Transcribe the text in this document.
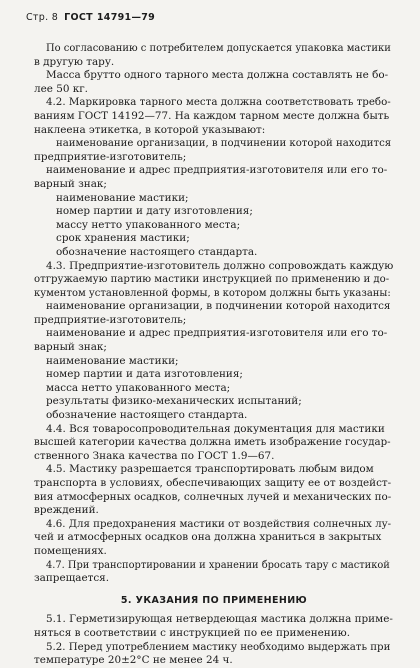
Стр. 8 ГОСТ 14791—79
По согласованию с потребителем допускается упаковка мастики
в другую тару.
Масса брутто одного тарного места должна составлять не бо-
лее 50 кг.
4.2. Маркировка тарного места должна соответствовать требо-
ваниям ГОСТ 14192—77. На каждом тарном месте должна быть
наклеена этикетка, в которой указывают:
наименование организации, в подчинении которой находится
предприятие-изготовитель;
наименование и адрес предприятия-изготовителя или его то-
варный знак;
наименование мастики;
номер партии и дату изготовления;
массу нетто упакованного места;
срок хранения мастики;
обозначение настоящего стандарта.
4.3. Предприятие-изготовитель должно сопровождать каждую
отгружаемую партию мастики инструкцией по применению и до-
кументом установленной формы, в котором должны быть указаны:
наименование организации, в подчинении которой находится
предприятие-изготовитель;
наименование и адрес предприятия-изготовителя или его то-
варный знак;
наименование мастики;
номер партии и дата изготовления;
масса нетто упакованного места;
результаты физико-механических испытаний;
обозначение настоящего стандарта.
4.4. Вся товаросопроводительная документация для мастики
высшей категории качества должна иметь изображение государ-
ственного Знака качества по ГОСТ 1.9—67.
4.5. Мастику разрешается транспортировать любым видом
транспорта в условиях, обеспечивающих защиту ее от воздейст-
вия атмосферных осадков, солнечных лучей и механических по-
вреждений.
4.6. Для предохранения мастики от воздействия солнечных лу-
чей и атмосферных осадков она должна храниться в закрытых
помещениях.
4.7. При транспортировании и хранении бросать тару с мастикой
запрещается.
5. УКАЗАНИЯ ПО ПРИМЕНЕНИЮ
5.1. Герметизирующая нетвердеющая мастика должна приме-
няться в соответствии с инструкцией по ее применению.
5.2. Перед употреблением мастику необходимо выдержать при
температуре 20±2°С не менее 24 ч.
